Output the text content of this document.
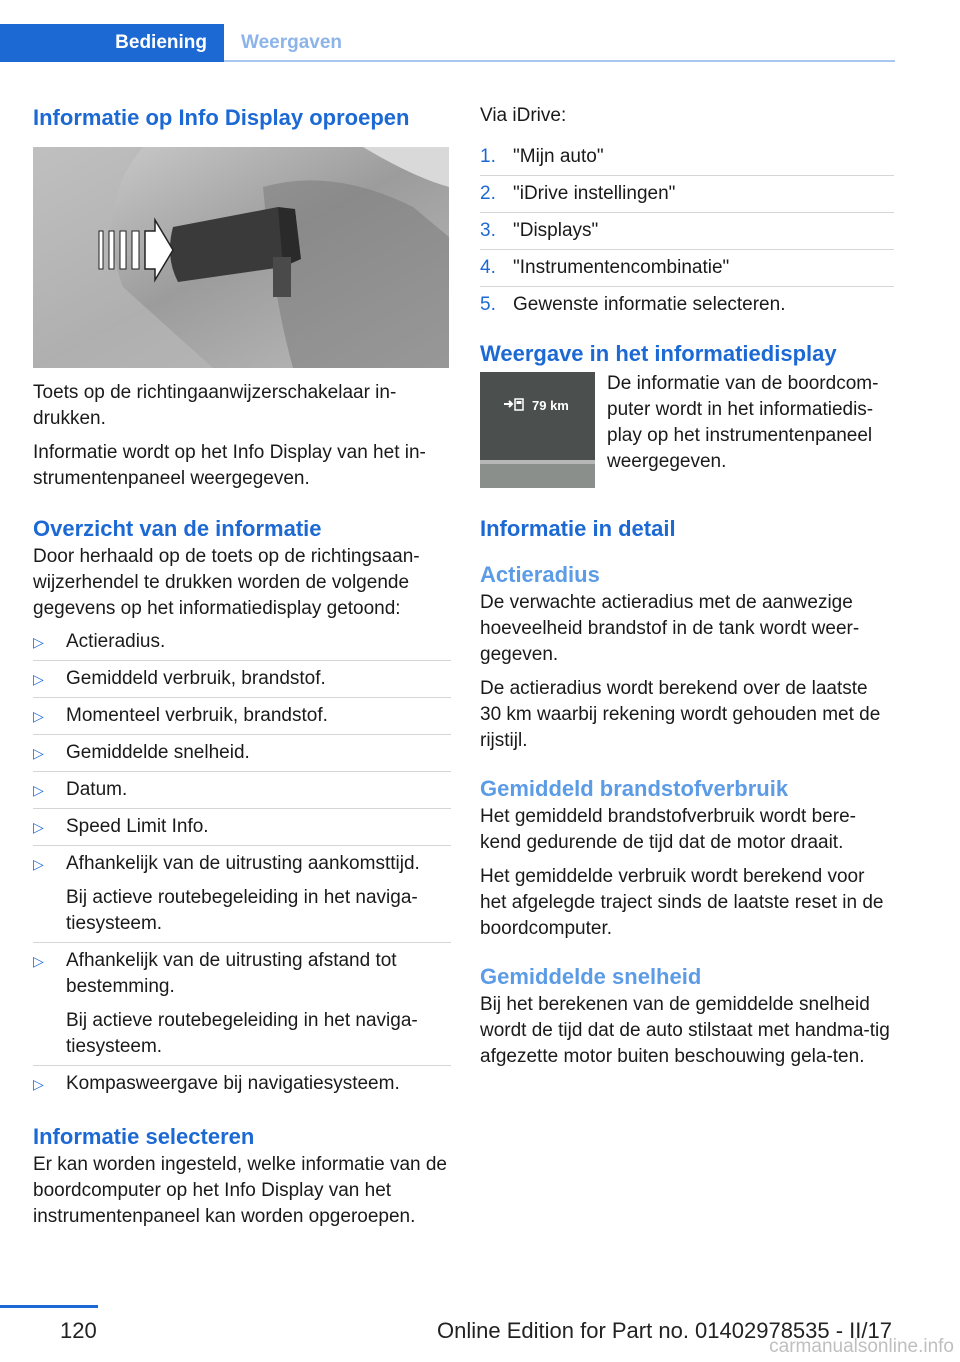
Bediening	Weergaven
Informatie op Info Display oproepen

Toets op de richtingaanwijzerschakelaar in-drukken.

Informatie wordt op het Info Display van het in-strumentenpaneel weergegeven.

Overzicht van de informatie

Door herhaald op de toets op de richtingsaan-wijzerhendel te drukken worden de volgende gegevens op het informatiedisplay getoond:

▷ Actieradius.
▷ Gemiddeld verbruik, brandstof.
▷ Momenteel verbruik, brandstof.
▷ Gemiddelde snelheid.
▷ Datum.
▷ Speed Limit Info.
▷ Afhankelijk van de uitrusting aankomsttijd.
Bij actieve routebegeleiding in het naviga-tiesysteem.
▷ Afhankelijk van de uitrusting afstand tot bestemming.
Bij actieve routebegeleiding in het naviga-tiesysteem.
▷ Kompasweergave bij navigatiesysteem.
Informatie selecteren

Er kan worden ingesteld, welke informatie van de boordcomputer op het Info Display van het instrumentenpaneel kan worden opgeroepen.

Via iDrive:

1. "Mijn auto"
2. "iDrive instellingen"
3. "Displays"
4. "Instrumentencombinatie"
5. Gewenste informatie selecteren.
Weergave in het informatiedisplay
79 km

De informatie van de boordcom-puter wordt in het informatiedis-play op het instrumentenpaneel weergegeven.

Informatie in detail
Actieradius

De verwachte actieradius met de aanwezige hoeveelheid brandstof in de tank wordt weer-gegeven.

De actieradius wordt berekend over de laatste 30 km waarbij rekening wordt gehouden met de rijstijl.

Gemiddeld brandstofverbruik

Het gemiddeld brandstofverbruik wordt bere-kend gedurende de tijd dat de motor draait.

Het gemiddelde verbruik wordt berekend voor het afgelegde traject sinds de laatste reset in de boordcomputer.

Gemiddelde snelheid

Bij het berekenen van de gemiddelde snelheid wordt de tijd dat de auto stilstaat met handma-tig afgezette motor buiten beschouwing gela-ten.

120	Online Edition for Part no. 01402978535 - II/17
carmanualsonline.info
